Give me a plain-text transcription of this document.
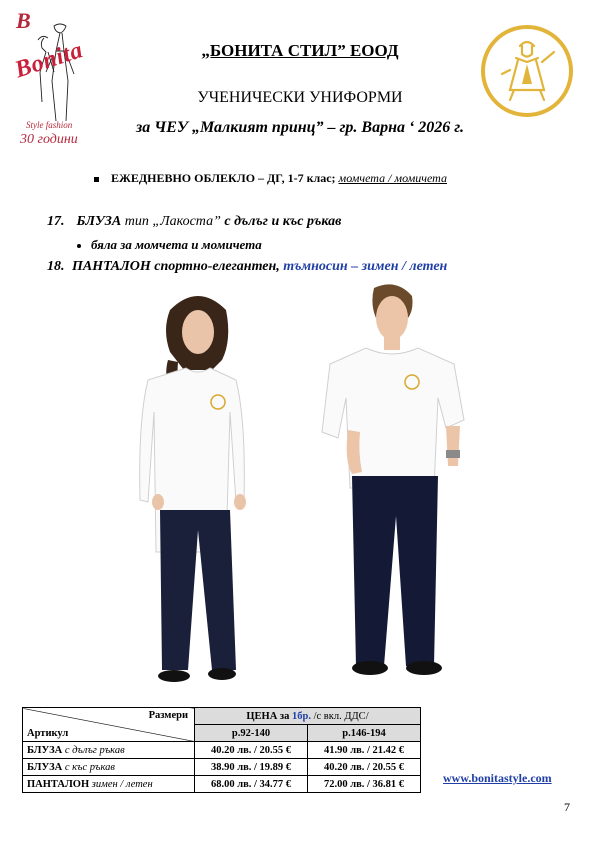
B
Bonita
Style fashion
30 години
„БОНИТА СТИЛ” ЕООД
УЧЕНИЧЕСКИ УНИФОРМИ
за ЧЕУ „Малкият принц” – гр. Варна ‘ 2026 г.
ЕЖЕДНЕВНО ОБЛЕКЛО – ДГ, 1-7 клас; момчета / момичета
17. БЛУЗА тип „Лакоста” с дълъг и къс ръкав
бяла за момчета и момичета
18. ПАНТАЛОН спортно-елегантен, тъмносин – зимен / летен
Размери
Артикул	ЦЕНА за 1бр. /с вкл. ДДС/	
	р.92-140	р.146-194
БЛУЗА с дълъг ръкав	40.20 лв. / 20.55 €	41.90 лв. / 21.42 €
БЛУЗА с къс ръкав	38.90 лв. / 19.89 €	40.20 лв. / 20.55 €
ПАНТАЛОН зимен / летен	68.00 лв. / 34.77 €	72.00 лв. / 36.81 €	www.bonitastyle.com
7
